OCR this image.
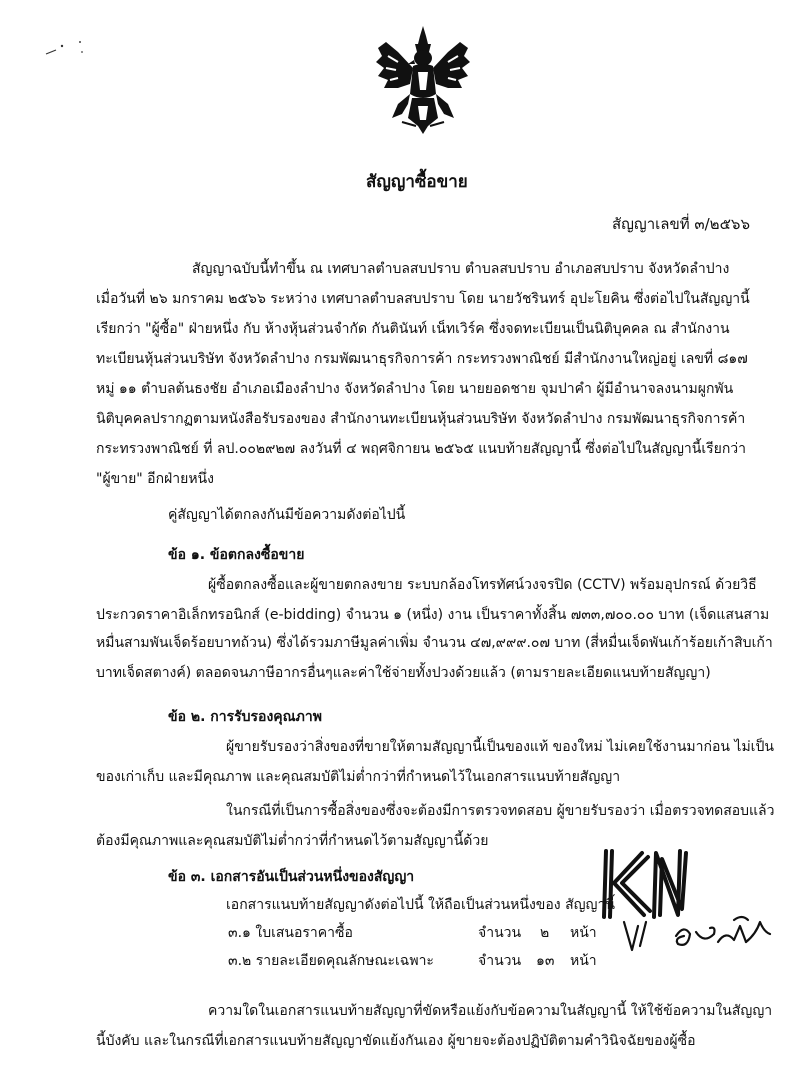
สัญญาซื้อขาย
สัญญาเลขที่ ๓/๒๕๖๖
สัญญาฉบับนี้ทำขึ้น ณ เทศบาลตำบลสบปราบ ตำบลสบปราบ อำเภอสบปราบ จังหวัดลำปาง
เมื่อวันที่ ๒๖ มกราคม ๒๕๖๖ ระหว่าง เทศบาลตำบลสบปราบ โดย นายวัชรินทร์ อุปะโยคิน ซึ่งต่อไปในสัญญานี้
เรียกว่า "ผู้ซื้อ" ฝ่ายหนึ่ง กับ ห้างหุ้นส่วนจำกัด กันตินันท์ เน็ทเวิร์ค ซึ่งจดทะเบียนเป็นนิติบุคคล ณ สำนักงาน
ทะเบียนหุ้นส่วนบริษัท จังหวัดลำปาง กรมพัฒนาธุรกิจการค้า กระทรวงพาณิชย์ มีสำนักงานใหญ่อยู่ เลขที่ ๘๑๗
หมู่ ๑๑ ตำบลต้นธงชัย อำเภอเมืองลำปาง จังหวัดลำปาง โดย นายยอดชาย จุมปาคำ ผู้มีอำนาจลงนามผูกพัน
นิติบุคคลปรากฏตามหนังสือรับรองของ สำนักงานทะเบียนหุ้นส่วนบริษัท จังหวัดลำปาง กรมพัฒนาธุรกิจการค้า
กระทรวงพาณิชย์ ที่ ลป.๐๐๒๙๒๗ ลงวันที่ ๔ พฤศจิกายน ๒๕๖๕ แนบท้ายสัญญานี้ ซึ่งต่อไปในสัญญานี้เรียกว่า
"ผู้ขาย" อีกฝ่ายหนึ่ง
คู่สัญญาได้ตกลงกันมีข้อความดังต่อไปนี้
ข้อ ๑. ข้อตกลงซื้อขาย
ผู้ซื้อตกลงซื้อและผู้ขายตกลงขาย ระบบกล้องโทรทัศน์วงจรปิด (CCTV) พร้อมอุปกรณ์ ด้วยวิธี
ประกวดราคาอิเล็กทรอนิกส์ (e-bidding) จำนวน ๑ (หนึ่ง) งาน เป็นราคาทั้งสิ้น ๗๓๓,๗๐๐.๐๐ บาท (เจ็ดแสนสาม
หมื่นสามพันเจ็ดร้อยบาทถ้วน) ซึ่งได้รวมภาษีมูลค่าเพิ่ม จำนวน ๔๗,๙๙๙.๐๗ บาท (สี่หมื่นเจ็ดพันเก้าร้อยเก้าสิบเก้า
บาทเจ็ดสตางค์) ตลอดจนภาษีอากรอื่นๆและค่าใช้จ่ายทั้งปวงด้วยแล้ว (ตามรายละเอียดแนบท้ายสัญญา)
ข้อ ๒. การรับรองคุณภาพ
ผู้ขายรับรองว่าสิ่งของที่ขายให้ตามสัญญานี้เป็นของแท้ ของใหม่ ไม่เคยใช้งานมาก่อน ไม่เป็น
ของเก่าเก็บ และมีคุณภาพ และคุณสมบัติไม่ต่ำกว่าที่กำหนดไว้ในเอกสารแนบท้ายสัญญา
ในกรณีที่เป็นการซื้อสิ่งของซึ่งจะต้องมีการตรวจทดสอบ ผู้ขายรับรองว่า เมื่อตรวจทดสอบแล้ว
ต้องมีคุณภาพและคุณสมบัติไม่ต่ำกว่าที่กำหนดไว้ตามสัญญานี้ด้วย
ข้อ ๓. เอกสารอันเป็นส่วนหนึ่งของสัญญา
เอกสารแนบท้ายสัญญาดังต่อไปนี้ ให้ถือเป็นส่วนหนึ่งของ สัญญานี้
๓.๑ ใบเสนอราคาซื้อ	จำนวน ๒ หน้า
๓.๒ รายละเอียดคุณลักษณะเฉพาะ	จำนวน ๑๓ หน้า
ความใดในเอกสารแนบท้ายสัญญาที่ขัดหรือแย้งกับข้อความในสัญญานี้ ให้ใช้ข้อความในสัญญา
นี้บังคับ และในกรณีที่เอกสารแนบท้ายสัญญาขัดแย้งกันเอง ผู้ขายจะต้องปฏิบัติตามคำวินิจฉัยของผู้ซื้อ
